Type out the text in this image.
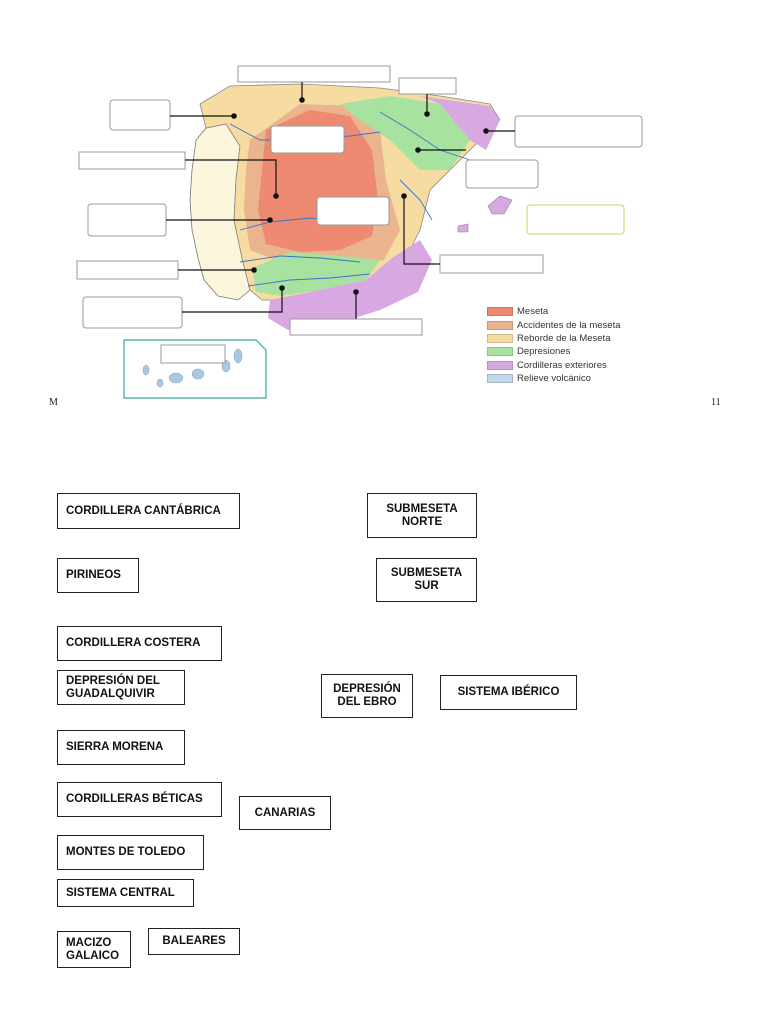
M	11
Meseta
Accidentes de la meseta
Reborde de la Meseta
Depresiones
Cordilleras exteriores
Relieve volcánico
CORDILLERA CANTÁBRICA	SUBMESETA
NORTE
PIRINEOS	SUBMESETA
SUR
CORDILLERA COSTERA
DEPRESIÓN DEL
GUADALQUIVIR	DEPRESIÓN
DEL EBRO
SISTEMA IBÉRICO
SIERRA MORENA
CORDILLERAS BÉTICAS
CANARIAS
MONTES DE TOLEDO
SISTEMA CENTRAL
MACIZO
GALAICO
BALEARES
